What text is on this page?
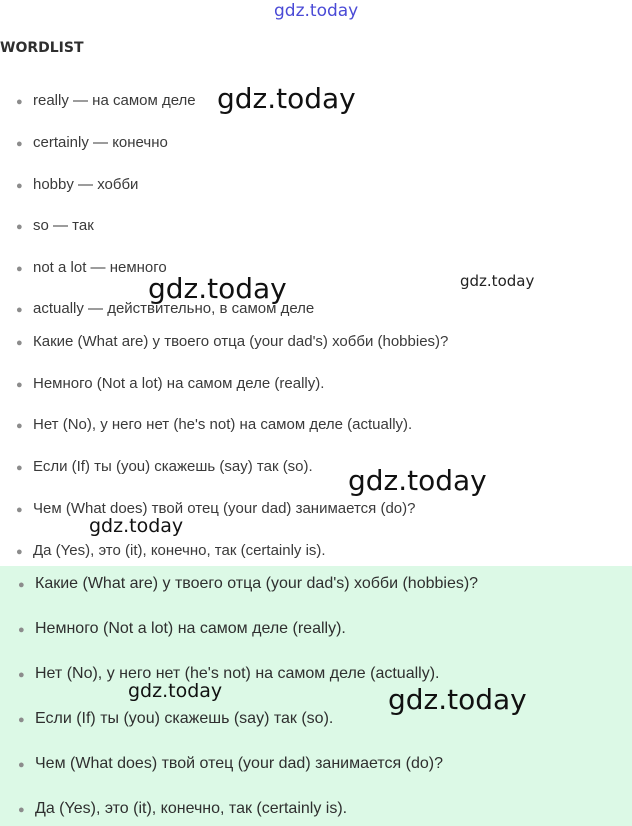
gdz.today
WORDLIST
● really — на самом деле
● certainly — конечно
● hobby — хобби
● so — так
● not a lot — немного
● actually — действительно, в самом деле
● Какие (What are) у твоего отца (your dad's) хобби (hobbies)?
● Немного (Not a lot) на самом деле (really).
● Нет (No), у него нет (he's not) на самом деле (actually).
● Если (If) ты (you) скажешь (say) так (so).
● Чем (What does) твой отец (your dad) занимается (do)?
● Да (Yes), это (it), конечно, так (certainly is).
● Какие (What are) у твоего отца (your dad's) хобби (hobbies)?
● Немного (Not a lot) на самом деле (really).
● Нет (No), у него нет (he's not) на самом деле (actually).
● Если (If) ты (you) скажешь (say) так (so).
● Чем (What does) твой отец (your dad) занимается (do)?
● Да (Yes), это (it), конечно, так (certainly is).
gdz.today
gdz.today	gdz.today
gdz.today
gdz.today
gdz.today	gdz.today
